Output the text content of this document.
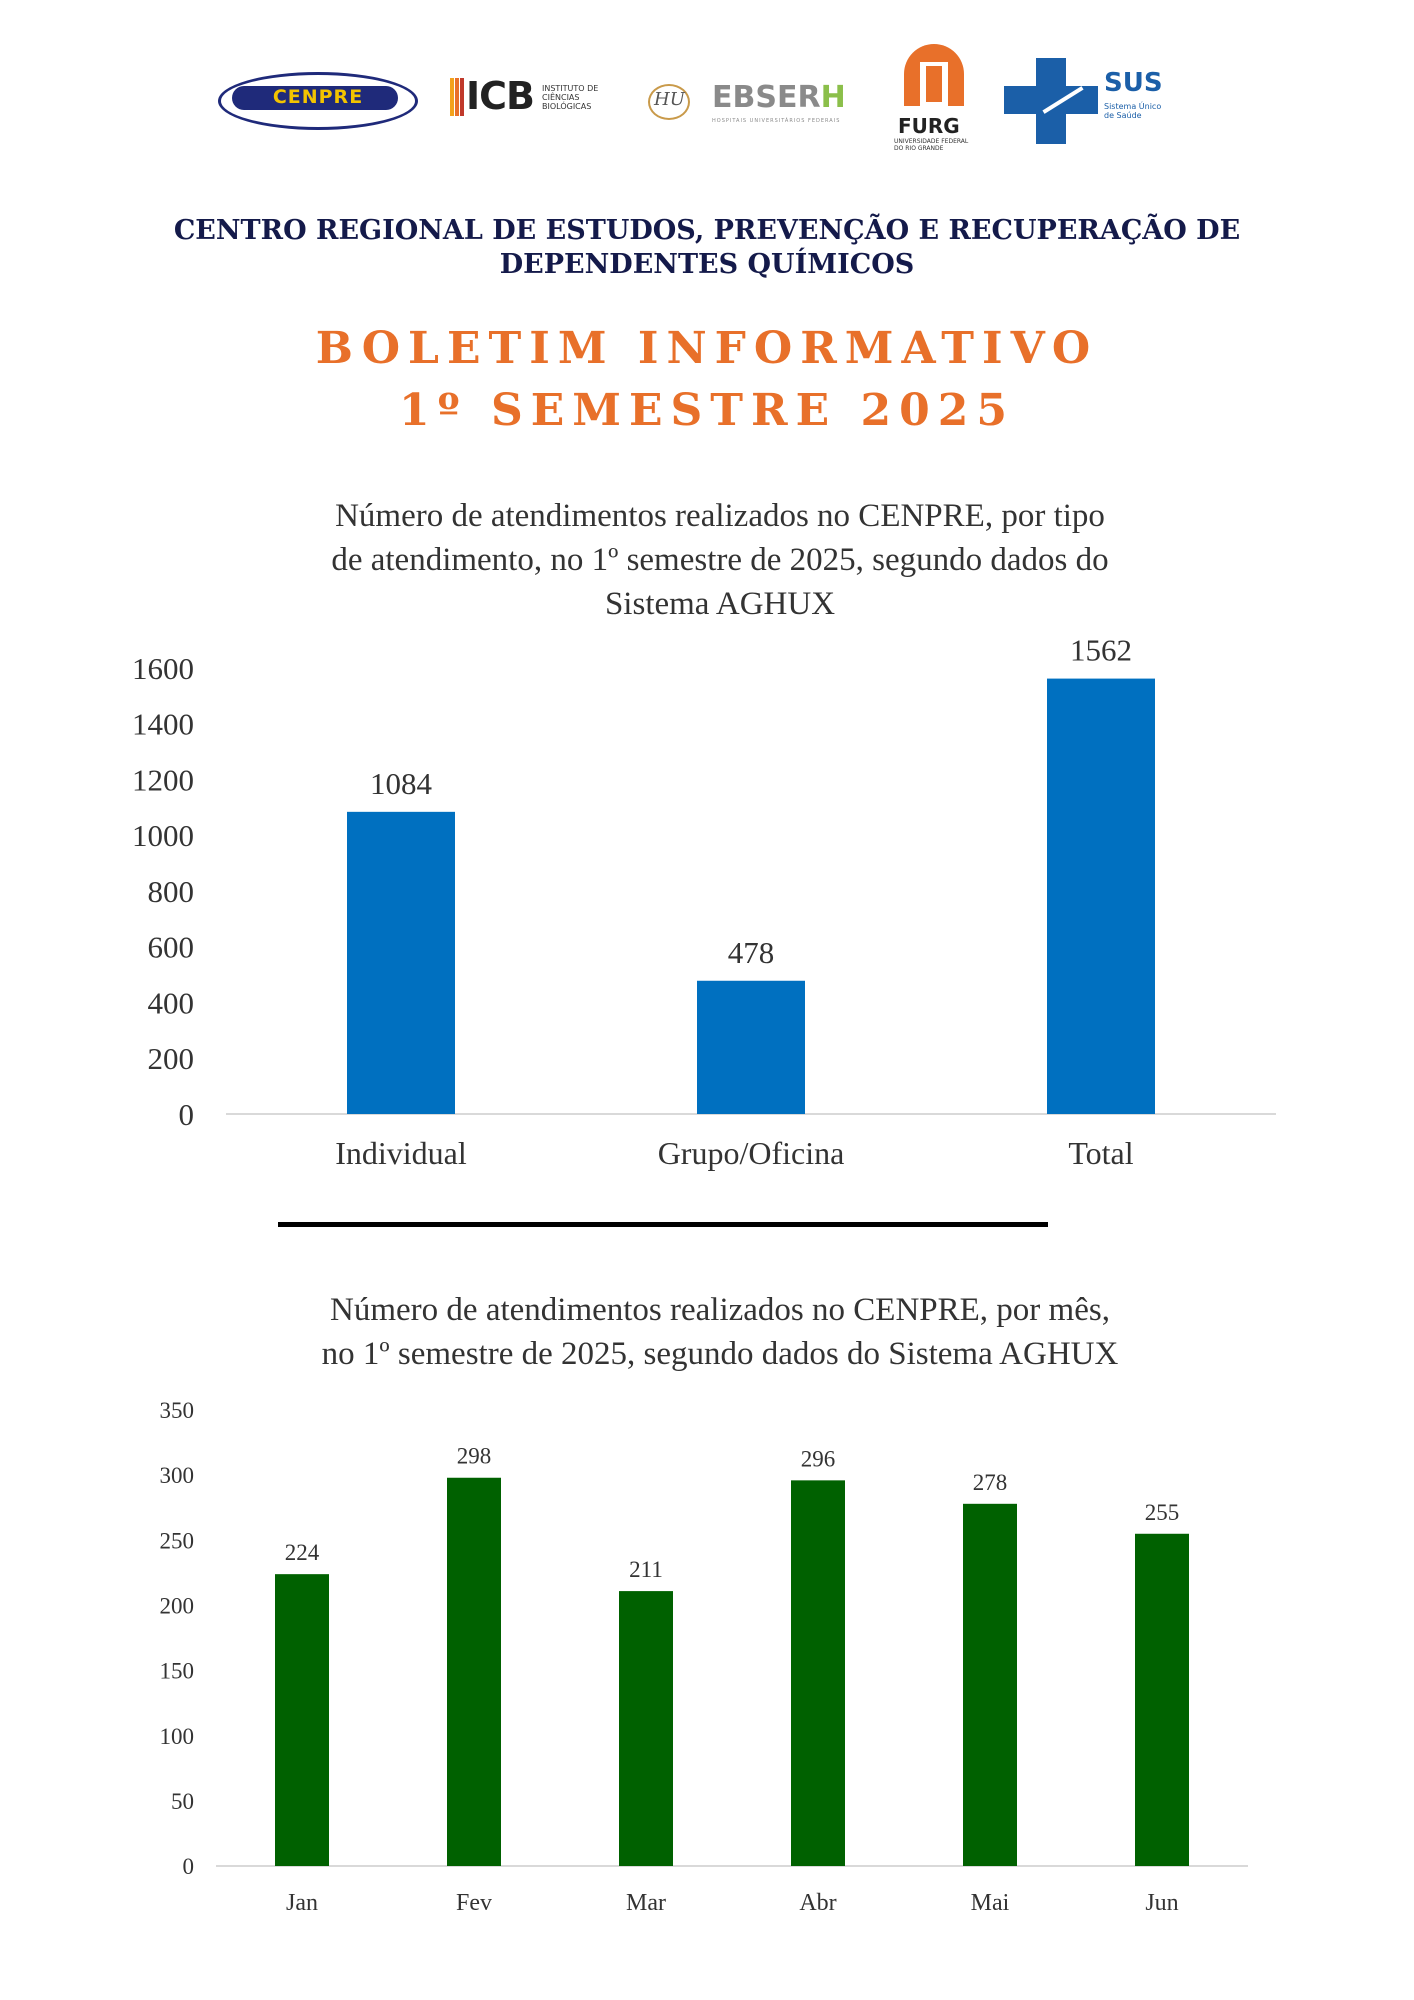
CENPRE	ICB INSTITUTO DE CIÊNCIAS BIOLÓGICAS	HU EBSERH
HOSPITAIS UNIVERSITÁRIOS FEDERAIS	FURG
UNIVERSIDADE FEDERAL DO RIO GRANDE
SUS
Sistema Único de Saúde
CENTRO REGIONAL DE ESTUDOS, PREVENÇÃO E RECUPERAÇÃO DE
DEPENDENTES QUÍMICOS
BOLETIM INFORMATIVO
1º SEMESTRE 2025
Número de atendimentos realizados no CENPRE, por tipo
de atendimento, no 1º semestre de 2025, segundo dados do
Sistema AGHUX
0
200
400
600
800
1000
1200
1400
1600
1084
Individual
478
Grupo/Oficina
1562
Total
Número de atendimentos realizados no CENPRE, por mês,
no 1º semestre de 2025, segundo dados do Sistema AGHUX
0
50
100
150
200
250
300
350
224
Jan
298
Fev
211
Mar
296
Abr
278
Mai
255
Jun
